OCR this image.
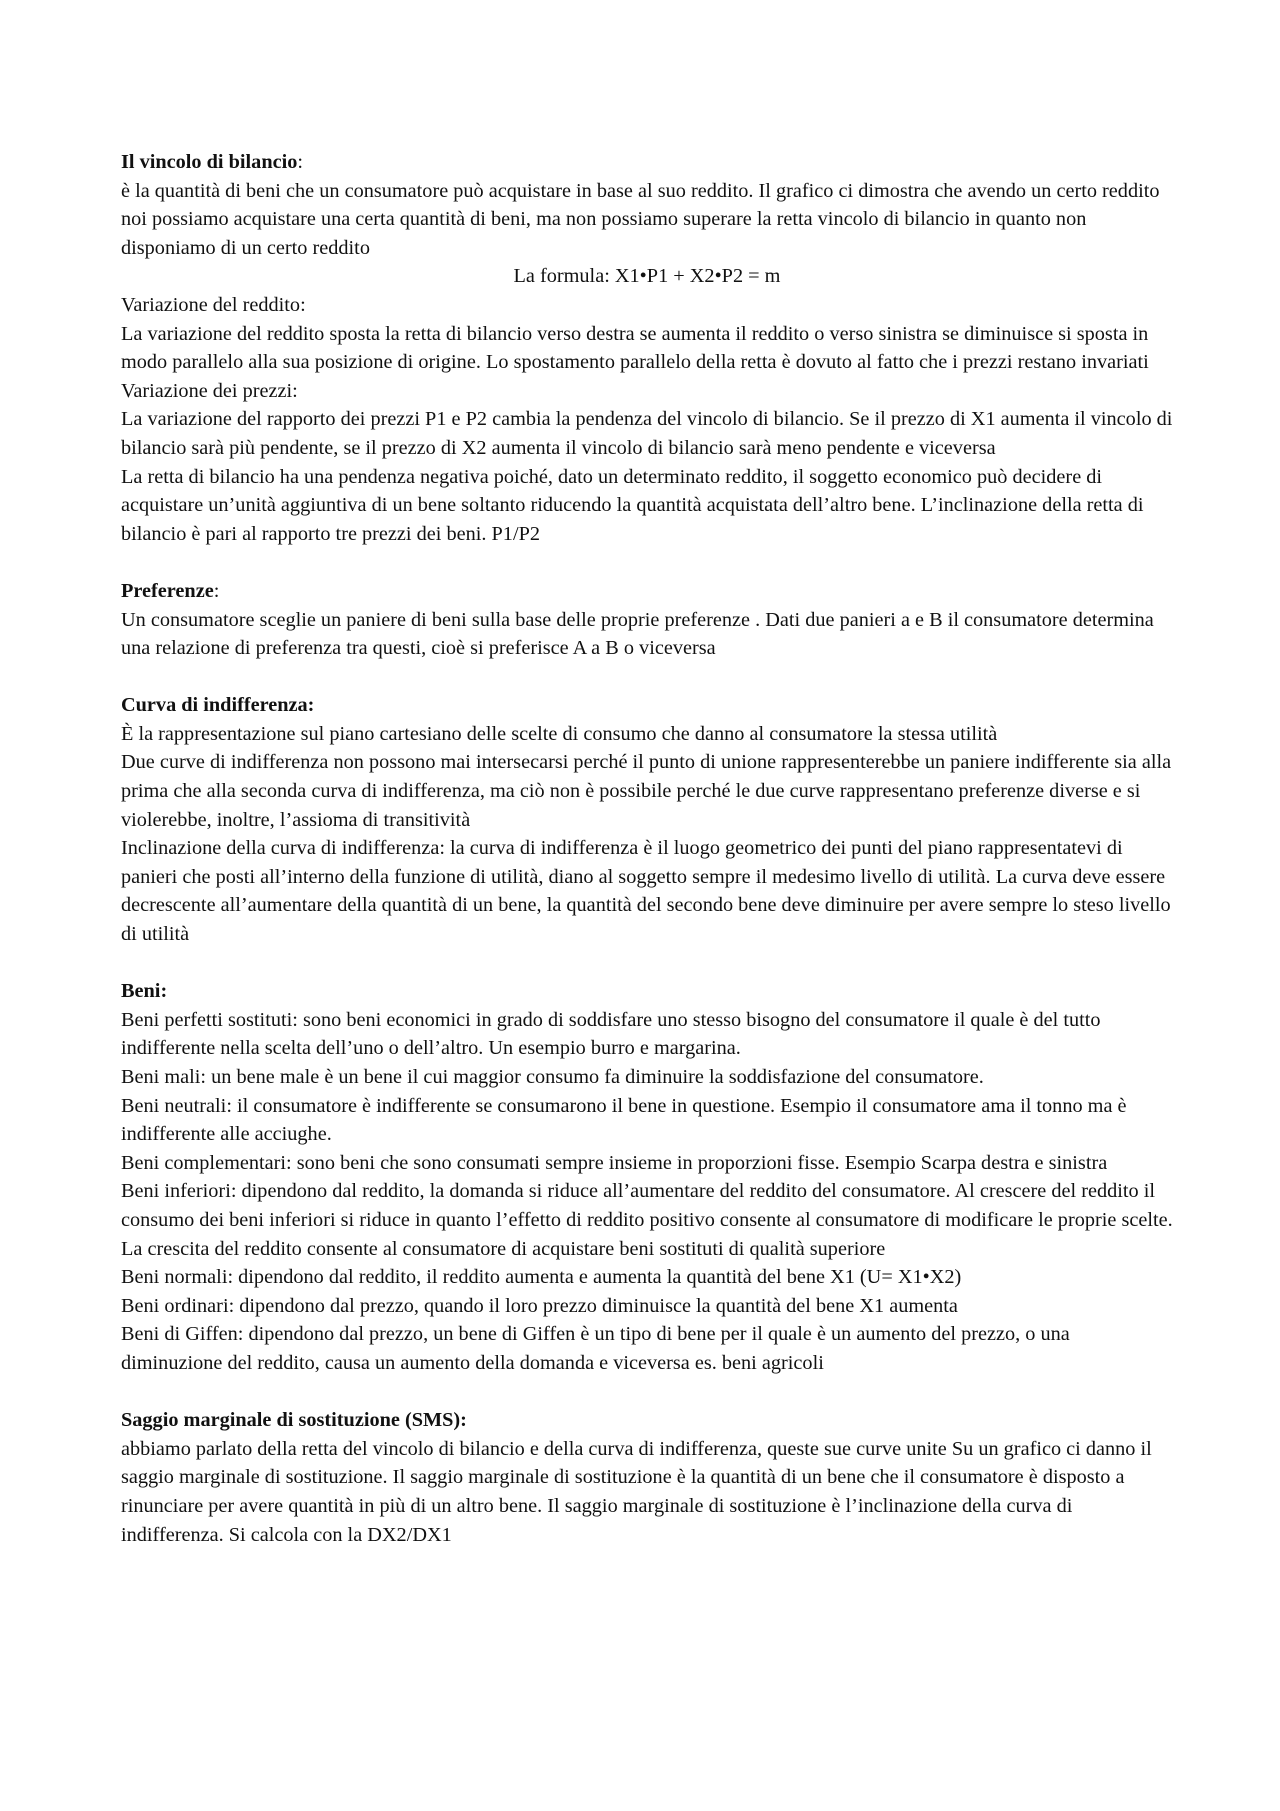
Il vincolo di bilancio:

è la quantità di beni che un consumatore può acquistare in base al suo reddito. Il grafico ci dimostra che avendo un certo reddito noi possiamo acquistare una certa quantità di beni, ma non possiamo superare la retta vincolo di bilancio in quanto non disponiamo di un certo reddito

La formula: X1•P1 + X2•P2 = m

Variazione del reddito:

La variazione del reddito sposta la retta di bilancio verso destra se aumenta il reddito o verso sinistra se diminuisce si sposta in modo parallelo alla sua posizione di origine. Lo spostamento parallelo della retta è dovuto al fatto che i prezzi restano invariati

Variazione dei prezzi:

La variazione del rapporto dei prezzi P1 e P2 cambia la pendenza del vincolo di bilancio. Se il prezzo di X1 aumenta il vincolo di bilancio sarà più pendente, se il prezzo di X2 aumenta il vincolo di bilancio sarà meno pendente e viceversa

La retta di bilancio ha una pendenza negativa poiché, dato un determinato reddito, il soggetto economico può decidere di acquistare un’unità aggiuntiva di un bene soltanto riducendo la quantità acquistata dell’altro bene. L’inclinazione della retta di bilancio è pari al rapporto tre prezzi dei beni. P1/P2

Preferenze:

Un consumatore sceglie un paniere di beni sulla base delle proprie preferenze . Dati due panieri a e B il consumatore determina una relazione di preferenza tra questi, cioè si preferisce A a B o viceversa

Curva di indifferenza:

È la rappresentazione sul piano cartesiano delle scelte di consumo che danno al consumatore la stessa utilità

Due curve di indifferenza non possono mai intersecarsi perché il punto di unione rappresenterebbe un paniere indifferente sia alla prima che alla seconda curva di indifferenza, ma ciò non è possibile perché le due curve rappresentano preferenze diverse e si violerebbe, inoltre, l’assioma di transitività

Inclinazione della curva di indifferenza: la curva di indifferenza è il luogo geometrico dei punti del piano rappresentatevi di panieri che posti all’interno della funzione di utilità, diano al soggetto sempre il medesimo livello di utilità. La curva deve essere decrescente all’aumentare della quantità di un bene, la quantità del secondo bene deve diminuire per avere sempre lo steso livello di utilità

Beni:

Beni perfetti sostituti: sono beni economici in grado di soddisfare uno stesso bisogno del consumatore il quale è del tutto indifferente nella scelta dell’uno o dell’altro. Un esempio burro e margarina.

Beni mali: un bene male è un bene il cui maggior consumo fa diminuire la soddisfazione del consumatore.

Beni neutrali: il consumatore è indifferente se consumarono il bene in questione. Esempio il consumatore ama il tonno ma è indifferente alle acciughe.

Beni complementari: sono beni che sono consumati sempre insieme in proporzioni fisse. Esempio Scarpa destra e sinistra

Beni inferiori: dipendono dal reddito, la domanda si riduce all’aumentare del reddito del consumatore. Al crescere del reddito il consumo dei beni inferiori si riduce in quanto l’effetto di reddito positivo consente al consumatore di modificare le proprie scelte. La crescita del reddito consente al consumatore di acquistare beni sostituti di qualità superiore

Beni normali: dipendono dal reddito, il reddito aumenta e aumenta la quantità del bene X1 (U= X1•X2)

Beni ordinari: dipendono dal prezzo, quando il loro prezzo diminuisce la quantità del bene X1 aumenta

Beni di Giffen: dipendono dal prezzo, un bene di Giffen è un tipo di bene per il quale è un aumento del prezzo, o una diminuzione del reddito, causa un aumento della domanda e viceversa es. beni agricoli

Saggio marginale di sostituzione (SMS):

abbiamo parlato della retta del vincolo di bilancio e della curva di indifferenza, queste sue curve unite Su un grafico ci danno il saggio marginale di sostituzione. Il saggio marginale di sostituzione è la quantità di un bene che il consumatore è disposto a rinunciare per avere quantità in più di un altro bene. Il saggio marginale di sostituzione è l’inclinazione della curva di indifferenza. Si calcola con la DX2/DX1
